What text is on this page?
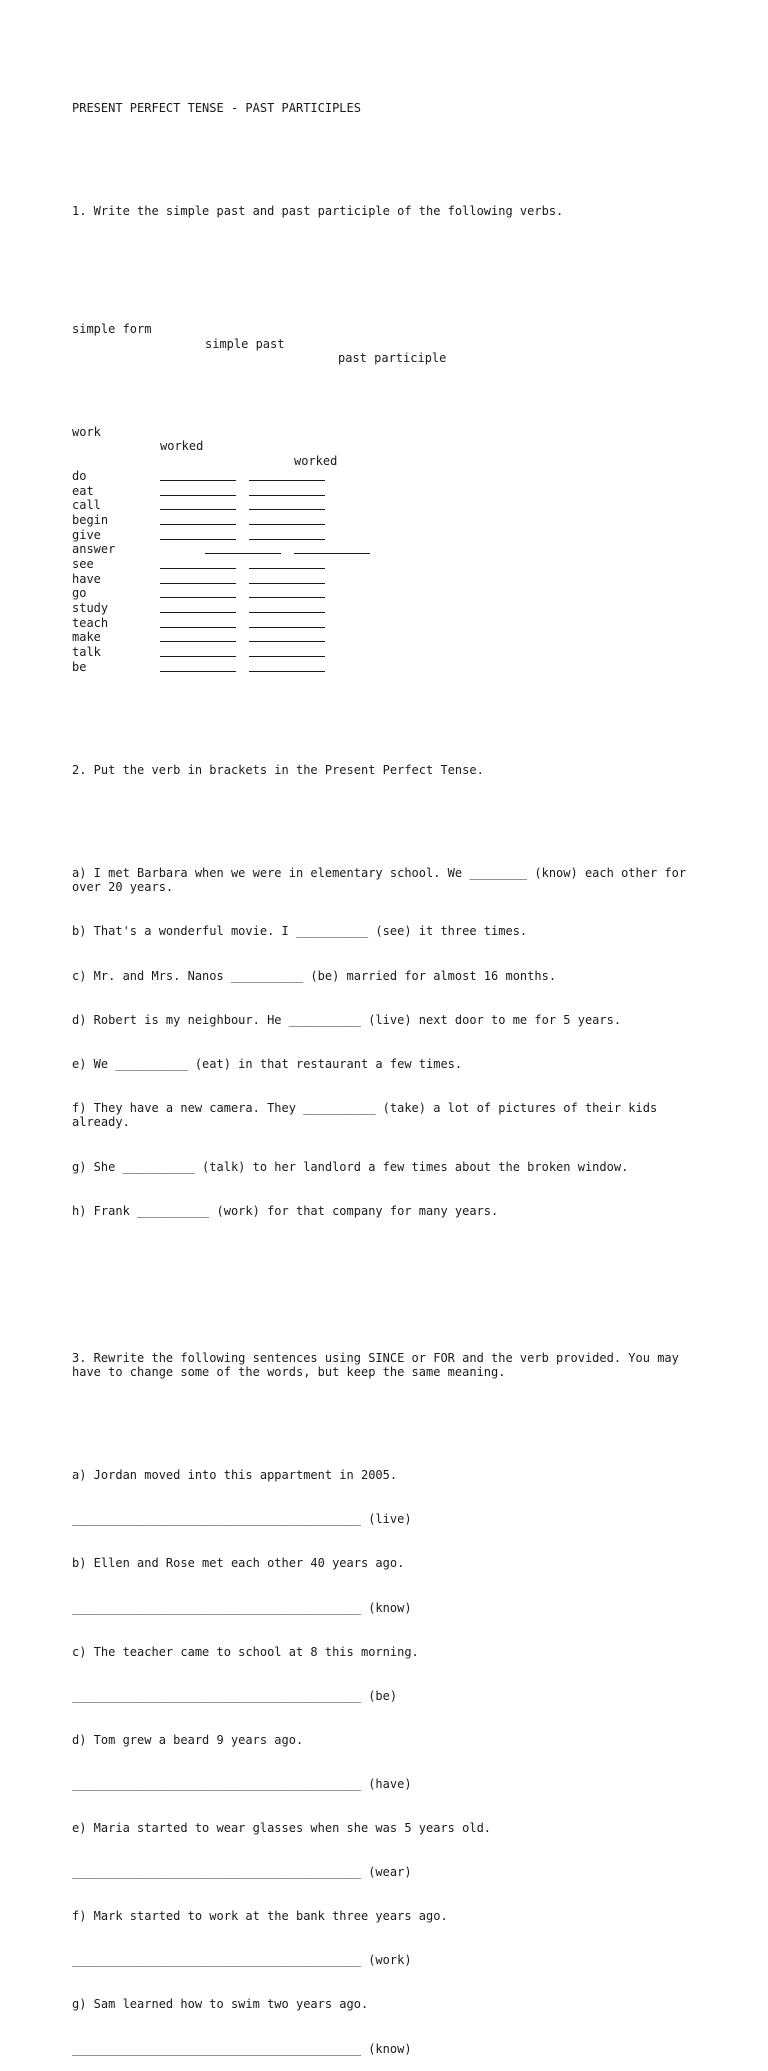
PRESENT PERFECT TENSE - PAST PARTICIPLES

1. Write the simple past and past participle of the following verbs.

simple form

simple past

past participle

work

worked

worked

do
eat
call
begin
give
answer
see
have
go
study
teach
make
talk
be

2. Put the verb in brackets in the Present Perfect Tense.

a) I met Barbara when we were in elementary school. We ________ (know) each other for over 20 years.

b) That's a wonderful movie. I __________ (see) it three times.

c) Mr. and Mrs. Nanos __________ (be) married for almost 16 months.

d) Robert is my neighbour. He __________ (live) next door to me for 5 years.

e) We __________ (eat) in that restaurant a few times.

f) They have a new camera. They __________ (take) a lot of pictures of their kids already.

g) She __________ (talk) to her landlord a few times about the broken window.

h) Frank __________ (work) for that company for many years.

3. Rewrite the following sentences using SINCE or FOR and the verb provided. You may have to change some of the words, but keep the same meaning.

a) Jordan moved into this appartment in 2005.

________________________________________ (live)

b) Ellen and Rose met each other 40 years ago.

________________________________________ (know)

c) The teacher came to school at 8 this morning.

________________________________________ (be)

d) Tom grew a beard 9 years ago.

________________________________________ (have)

e) Maria started to wear glasses when she was 5 years old.

________________________________________ (wear)

f) Mark started to work at the bank three years ago.

________________________________________ (work)

g) Sam learned how to swim two years ago.

________________________________________ (know)
